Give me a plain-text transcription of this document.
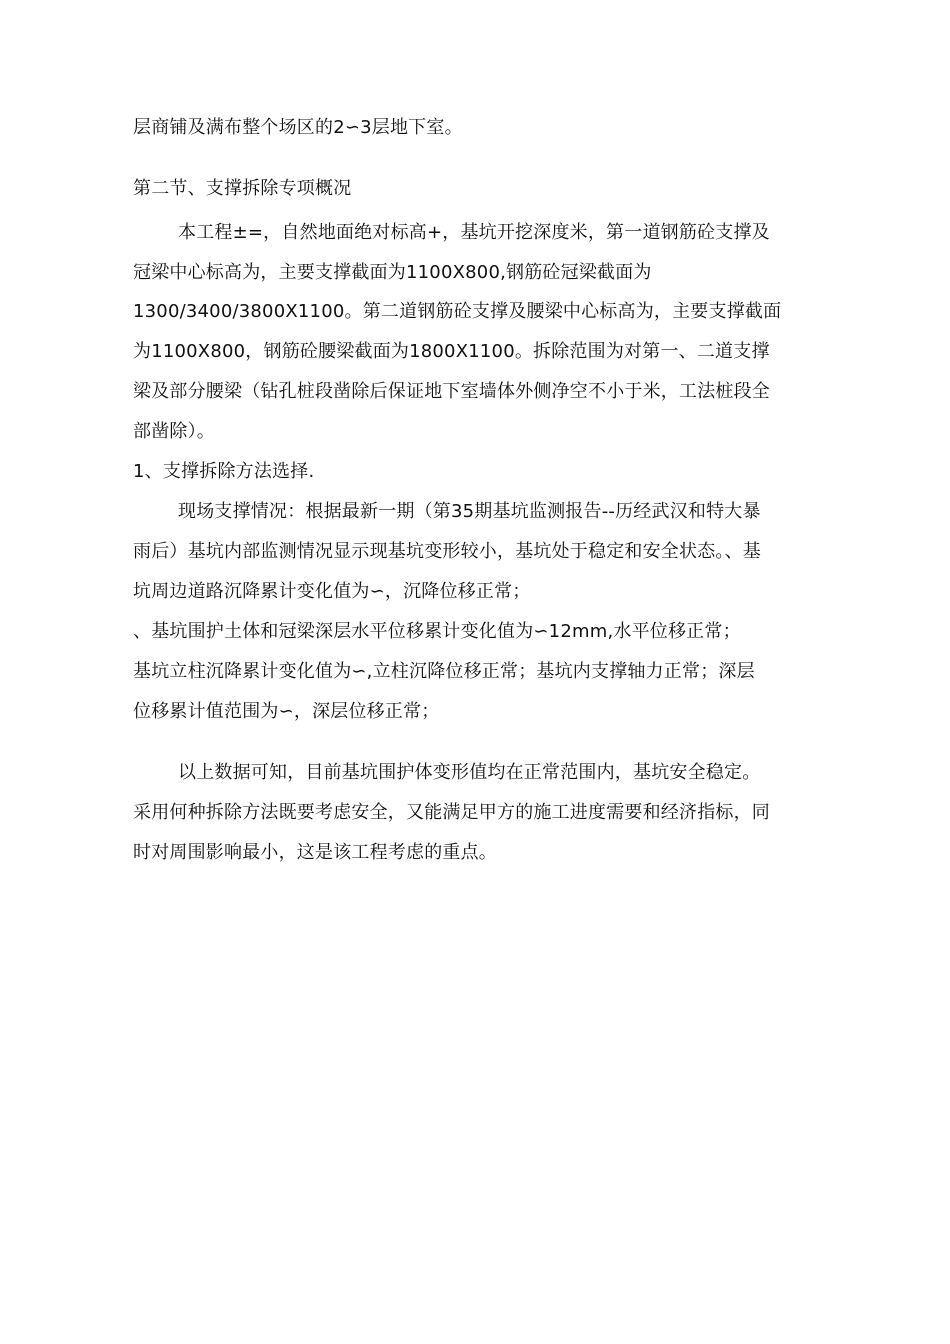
层商铺及满布整个场区的2∽3层地下室。
第二节、支撑拆除专项概况
本工程±=，自然地面绝对标高+，基坑开挖深度米，第一道钢筋砼支撑及
冠梁中心标高为，主要支撑截面为1100X800,钢筋砼冠梁截面为
1300/3400/3800X1100。第二道钢筋砼支撑及腰梁中心标高为，主要支撑截面
为1100X800，钢筋砼腰梁截面为1800X1100。拆除范围为对第一、二道支撑
梁及部分腰梁（钻孔桩段凿除后保证地下室墙体外侧净空不小于米，工法桩段全
部凿除）。
1、支撑拆除方法选择.
现场支撑情况：根据最新一期（第35期基坑监测报告--历经武汉和特大暴
雨后）基坑内部监测情况显示现基坑变形较小，基坑处于稳定和安全状态。、基
坑周边道路沉降累计变化值为∽，沉降位移正常；
、基坑围护土体和冠梁深层水平位移累计变化值为∽12mm,水平位移正常；
基坑立柱沉降累计变化值为∽,立柱沉降位移正常；基坑内支撑轴力正常；深层
位移累计值范围为∽，深层位移正常；
以上数据可知，目前基坑围护体变形值均在正常范围内，基坑安全稳定。
采用何种拆除方法既要考虑安全，又能满足甲方的施工进度需要和经济指标，同
时对周围影响最小，这是该工程考虑的重点。
